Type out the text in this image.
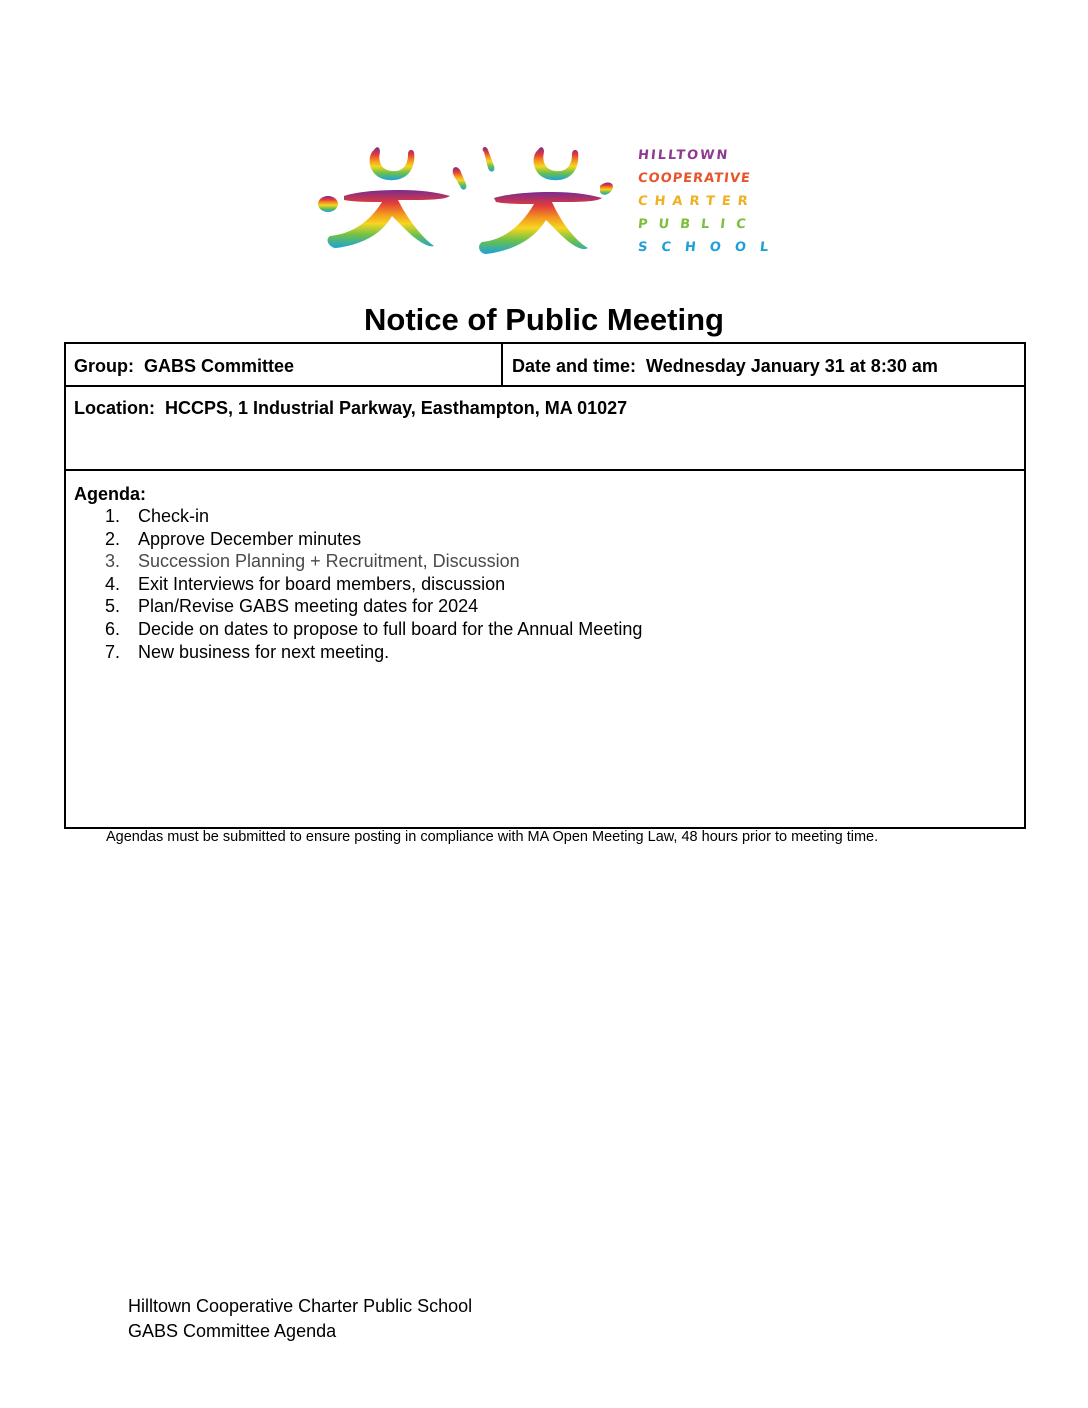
HILLTOWN
COOPERATIVE
CHARTER
PUBLIC
SCHOOL
Notice of Public Meeting
Group: GABS Committee	Date and time: Wednesday January 31 at 8:30 am
Location: HCCPS, 1 Industrial Parkway, Easthampton, MA 01027
Agenda:
1. Check-in
2. Approve December minutes
3. Succession Planning + Recruitment, Discussion
4. Exit Interviews for board members, discussion
5. Plan/Revise GABS meeting dates for 2024
6. Decide on dates to propose to full board for the Annual Meeting
7. New business for next meeting.
Agendas must be submitted to ensure posting in compliance with MA Open Meeting Law, 48 hours prior to meeting time.
Hilltown Cooperative Charter Public School
GABS Committee Agenda
